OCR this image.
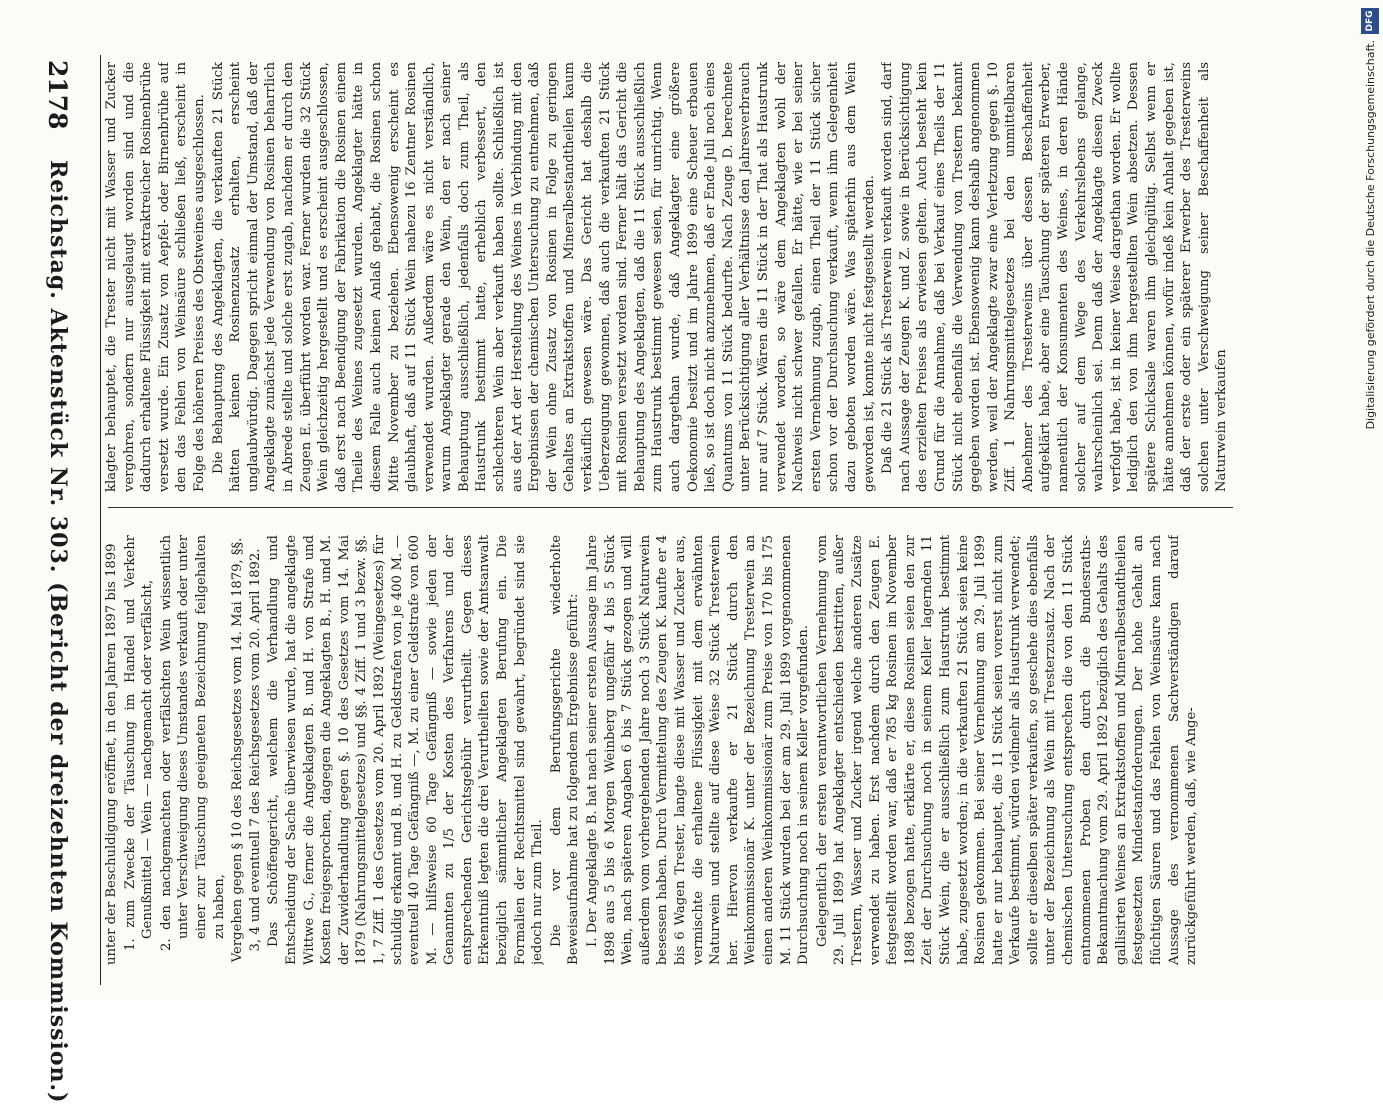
2178
Reichstag. Aktenstück Nr. 303. (Bericht der dreizehnten Kommission.)	unter der Beschuldigung eröffnet, in den Jahren 1897 bis 1899 1. zum Zwecke der Täuschung im Handel und Verkehr Genußmittel — Wein — nachgemacht oder verfälscht, 2. den nachgemachten oder verfälschten Wein wissentlich unter Verschweigung dieses Umstandes verkauft oder unter einer zur Täuschung geeigneten Bezeichnung feilgehalten zu haben, Vergehen gegen § 10 des Reichsgesetzes vom 14. Mai 1879, §§. 3, 4 und eventuell 7 des Reichsgesetzes vom 20. April 1892. Das Schöffengericht, welchem die Verhandlung und Entscheidung der Sache überwiesen wurde, hat die angeklagte Wittwe G., ferner die Angeklagten B. und H. von Strafe und Kosten freigesprochen, dagegen die Angeklagten B., H. und M. der Zuwiderhandlung gegen §. 10 des Gesetzes vom 14. Mai 1879 (Nahrungsmittelgesetzes) und §§. 4 Ziff. 1 und 3 bezw. §§. 1, 7 Ziff. 1 des Gesetzes vom 20. April 1892 (Weingesetzes) für schuldig erkannt und B. und H. zu Geldstrafen von je 400 M. — eventuell 40 Tage Gefängniß —, M. zu einer Geldstrafe von 600 M. — hilfsweise 60 Tage Gefängniß — sowie jeden der Genannten zu 1/5 der Kosten des Verfahrens und der entsprechenden Gerichtsgebühr verurtheilt. Gegen dieses Erkenntniß legten die drei Verurtheilten sowie der Amtsanwalt bezüglich sämmtlicher Angeklagten Berufung ein. Die Formalien der Rechtsmittel sind gewahrt, begründet sind sie jedoch nur zum Theil. Die vor dem Berufungsgerichte wiederholte Beweisaufnahme hat zu folgendem Ergebnisse geführt: I. Der Angeklagte B. hat nach seiner ersten Aussage im Jahre 1898 aus 5 bis 6 Morgen Weinberg ungefähr 4 bis 5 Stück Wein, nach späteren Angaben 6 bis 7 Stück gezogen und will außerdem vom vorhergehenden Jahre noch 3 Stück Naturwein besessen haben. Durch Vermittelung des Zeugen K. kaufte er 4 bis 6 Wagen Trester, langte diese mit Wasser und Zucker aus, vermischte die erhaltene Flüssigkeit mit dem erwähnten Naturwein und stellte auf diese Weise 32 Stück Tresterwein her. Hiervon verkaufte er 21 Stück durch den Weinkommissionär K. unter der Bezeichnung Tresterwein an einen anderen Weinkommissionär zum Preise von 170 bis 175 M. 11 Stück wurden bei der am 29. Juli 1899 vorgenommenen Durchsuchung noch in seinem Keller vorgefunden. Gelegentlich der ersten verantwortlichen Vernehmung vom 29. Juli 1899 hat Angeklagter entschieden bestritten, außer Trestern, Wasser und Zucker irgend welche anderen Zusätze verwendet zu haben. Erst nachdem durch den Zeugen E. festgestellt worden war, daß er 785 kg Rosinen im November 1898 bezogen hatte, erklärte er, diese Rosinen seien den zur Zeit der Durchsuchung noch in seinem Keller lagernden 11 Stück Wein, die er ausschließlich zum Haustrunk bestimmt habe, zugesetzt worden; in die verkauften 21 Stück seien keine Rosinen gekommen. Bei seiner Vernehmung am 29. Juli 1899 hatte er nur behauptet, die 11 Stück seien vorerst nicht zum Verkaufe bestimmt, würden vielmehr als Haustrunk verwendet; sollte er dieselben später verkaufen, so geschehe dies ebenfalls unter der Bezeichnung als Wein mit Tresterzusatz. Nach der chemischen Untersuchung entsprechen die von den 11 Stück entnommenen Proben den durch die Bundesraths-Bekanntmachung vom 29. April 1892 bezüglich des Gehalts des gallisirten Weines an Extraktstoffen und Mineralbestandtheilen festgesetzten Mindestanforderungen. Der hohe Gehalt an flüchtigen Säuren und das Fehlen von Weinsäure kann nach Aussage des vernommenen Sachverständigen darauf zurückgeführt werden, daß, wie Ange-

klagter behauptet, die Trester nicht mit Wasser und Zucker vergohren, sondern nur ausgelaugt worden sind und die dadurch erhaltene Flüssigkeit mit extraktreicher Rosinenbrühe versetzt wurde. Ein Zusatz von Aepfel- oder Birnenbrühe auf den das Fehlen von Weinsäure schließen ließ, erscheint in Folge des höheren Preises des Obstweines ausgeschlossen. Die Behauptung des Angeklagten, die verkauften 21 Stück hätten keinen Rosinenzusatz erhalten, erscheint unglaubwürdig. Dagegen spricht einmal der Umstand, daß der Angeklagte zunächst jede Verwendung von Rosinen beharrlich in Abrede stellte und solche erst zugab, nachdem er durch den Zeugen E. überführt worden war. Ferner wurden die 32 Stück Wein gleichzeitig hergestellt und es erscheint ausgeschlossen, daß erst nach Beendigung der Fabrikation die Rosinen einem Theile des Weines zugesetzt wurden. Angeklagter hätte in diesem Falle auch keinen Anlaß gehabt, die Rosinen schon Mitte November zu beziehen. Ebensowenig erscheint es glaubhaft, daß auf 11 Stück Wein nahezu 16 Zentner Rosinen verwendet wurden. Außerdem wäre es nicht verständlich, warum Angeklagter gerade den Wein, den er nach seiner Behauptung ausschließlich, jedenfalls doch zum Theil, als Haustrunk bestimmt hatte, erheblich verbessert, den schlechteren Wein aber verkauft haben sollte. Schließlich ist aus der Art der Herstellung des Weines in Verbindung mit den Ergebnissen der chemischen Untersuchung zu entnehmen, daß der Wein ohne Zusatz von Rosinen in Folge zu geringen Gehaltes an Extraktstoffen und Mineralbestandtheilen kaum verkäuflich gewesen wäre. Das Gericht hat deshalb die Ueberzeugung gewonnen, daß auch die verkauften 21 Stück mit Rosinen versetzt worden sind. Ferner hält das Gericht die Behauptung des Angeklagten, daß die 11 Stück ausschließlich zum Haustrunk bestimmt gewesen seien, für unrichtig. Wenn auch dargethan wurde, daß Angeklagter eine größere Oekonomie besitzt und im Jahre 1899 eine Scheuer erbauen ließ, so ist doch nicht anzunehmen, daß er Ende Juli noch eines Quantums von 11 Stück bedurfte. Nach Zeuge D. berechnete unter Berücksichtigung aller Verhältnisse den Jahresverbrauch nur auf 7 Stück. Wären die 11 Stück in der That als Haustrunk verwendet worden, so wäre dem Angeklagten wohl der Nachweis nicht schwer gefallen. Er hätte, wie er bei seiner ersten Vernehmung zugab, einen Theil der 11 Stück sicher schon vor der Durchsuchung verkauft, wenn ihm Gelegenheit dazu geboten worden wäre. Was späterhin aus dem Wein geworden ist, konnte nicht festgestellt werden. Daß die 21 Stück als Tresterwein verkauft worden sind, darf nach Aussage der Zeugen K. und Z. sowie in Berücksichtigung des erzielten Preises als erwiesen gelten. Auch besteht kein Grund für die Annahme, daß bei Verkauf eines Theils der 11 Stück nicht ebenfalls die Verwendung von Trestern bekannt gegeben worden ist. Ebensowenig kann deshalb angenommen werden, weil der Angeklagte zwar eine Verletzung gegen §. 10 Ziff. 1 Nahrungsmittelgesetzes bei den unmittelbaren Abnehmer des Tresterweins über dessen Beschaffenheit aufgeklärt habe, aber eine Täuschung der späteren Erwerber, namentlich der Konsumenten des Weines, in deren Hände solcher auf dem Wege des Verkehrslebens gelange, wahrscheinlich sei. Denn daß der Angeklagte diesen Zweck verfolgt habe, ist in keiner Weise dargethan worden. Er wollte lediglich den von ihm hergestellten Wein absetzen. Dessen spätere Schicksale waren ihm gleichgültig. Selbst wenn er hätte annehmen können, wofür indeß kein Anhalt gegeben ist, daß der erste oder ein späterer Erwerber des Tresterweins solchen unter Verschweigung seiner Beschaffenheit als Naturwein verkaufen

DFG
Digitalisierung gefördert durch die Deutsche Forschungsgemeinschaft.
